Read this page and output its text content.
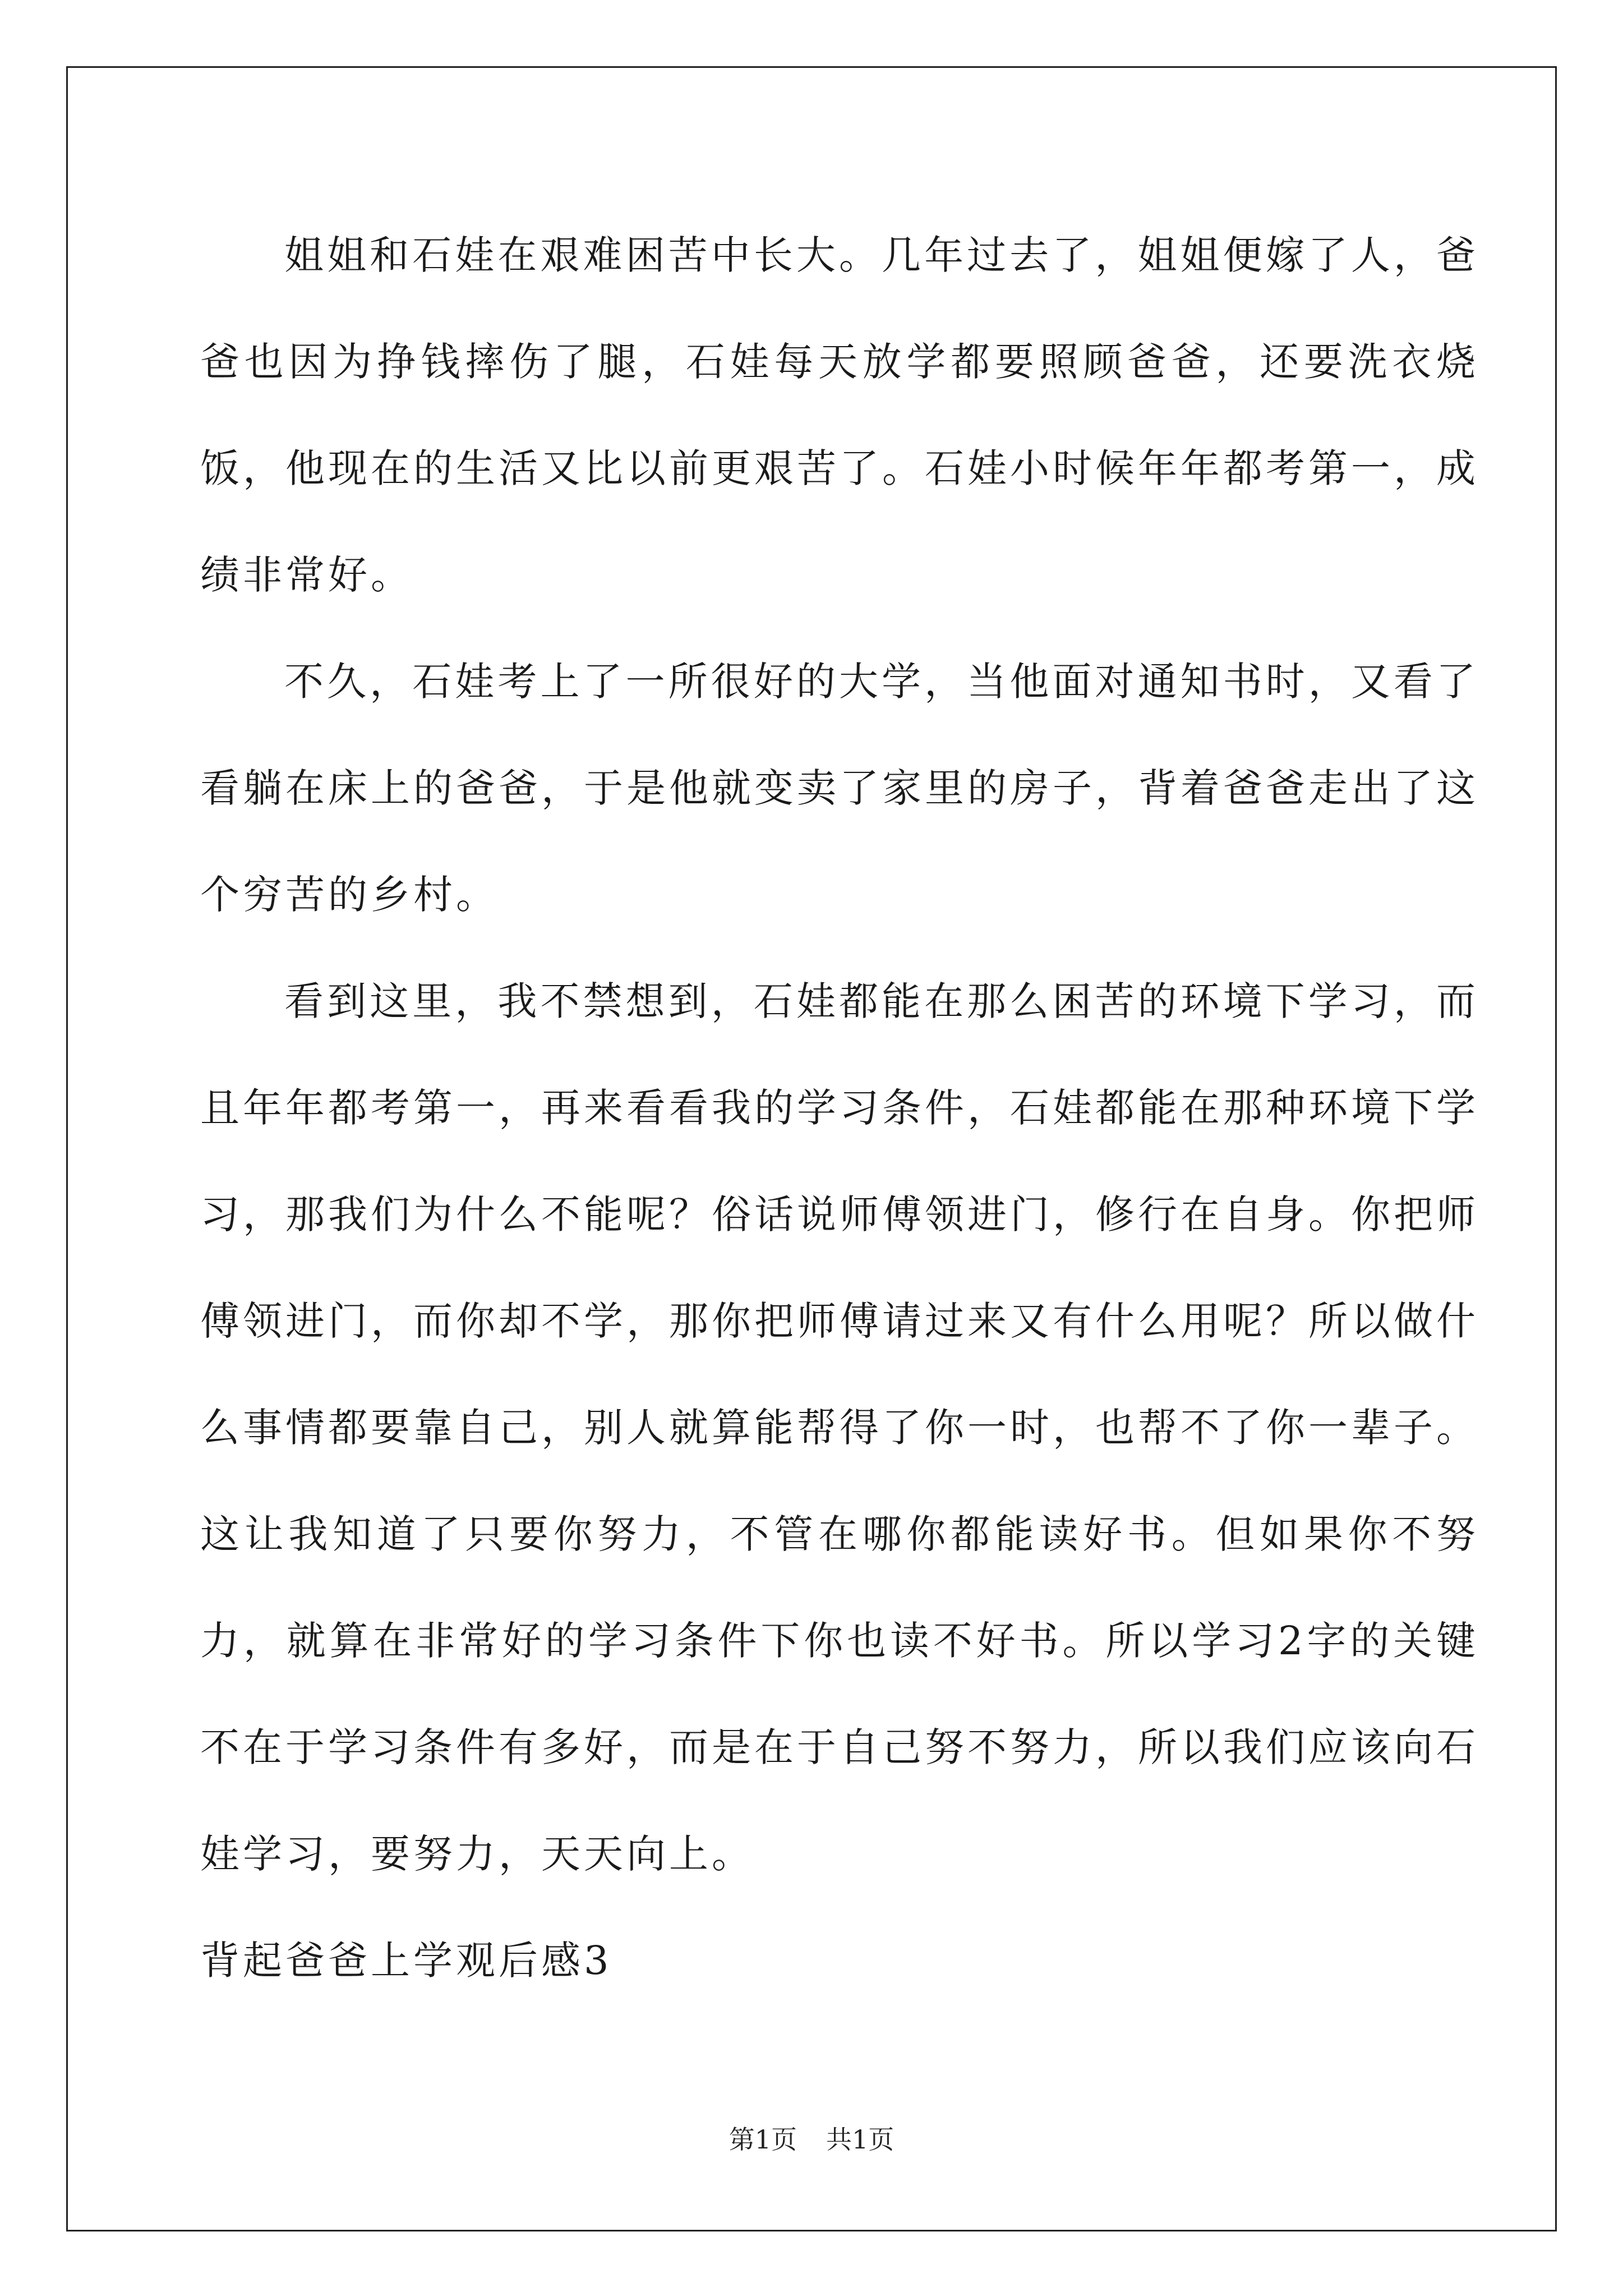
姐姐和石娃在艰难困苦中长大。几年过去了，姐姐便嫁了人，爸爸也因为挣钱摔伤了腿，石娃每天放学都要照顾爸爸，还要洗衣烧饭，他现在的生活又比以前更艰苦了。石娃小时候年年都考第一，成绩非常好。

不久，石娃考上了一所很好的大学，当他面对通知书时，又看了看躺在床上的爸爸，于是他就变卖了家里的房子，背着爸爸走出了这个穷苦的乡村。

看到这里，我不禁想到，石娃都能在那么困苦的环境下学习，而且年年都考第一，再来看看我的学习条件，石娃都能在那种环境下学习，那我们为什么不能呢？俗话说师傅领进门，修行在自身。你把师傅领进门，而你却不学，那你把师傅请过来又有什么用呢？所以做什么事情都要靠自己，别人就算能帮得了你一时，也帮不了你一辈子。这让我知道了只要你努力，不管在哪你都能读好书。但如果你不努力，就算在非常好的学习条件下你也读不好书。所以学习2字的关键不在于学习条件有多好，而是在于自己努不努力，所以我们应该向石娃学习，要努力，天天向上。

背起爸爸上学观后感3

第1页 共1页
